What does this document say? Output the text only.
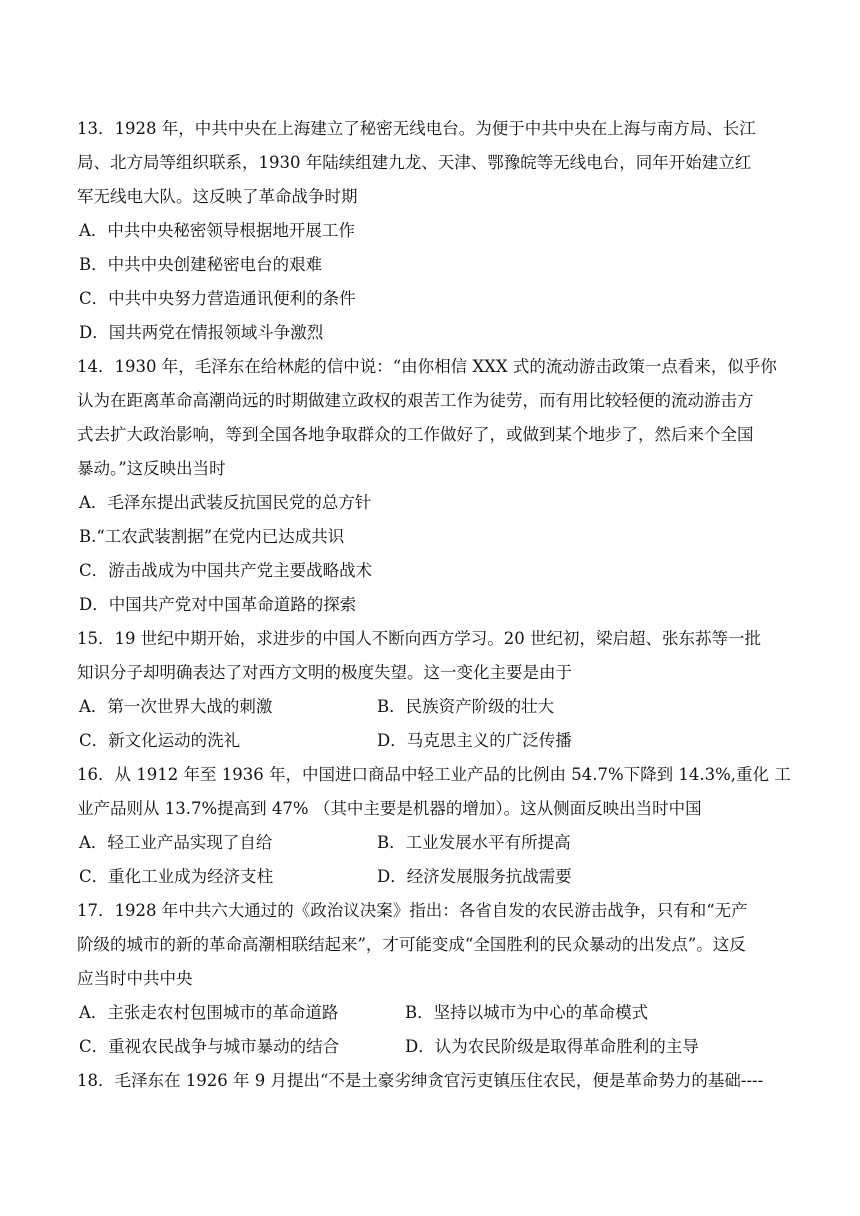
13．1928 年，中共中央在上海建立了秘密无线电台。为便于中共中央在上海与南方局、长江
局、北方局等组织联系，1930 年陆续组建九龙、天津、鄂豫皖等无线电台，同年开始建立红
军无线电大队。这反映了革命战争时期
A．中共中央秘密领导根据地开展工作
B．中共中央创建秘密电台的艰难
C．中共中央努力营造通讯便利的条件
D．国共两党在情报领域斗争激烈
14．1930 年，毛泽东在给林彪的信中说：“由你相信 XXX 式的流动游击政策一点看来，似乎你
认为在距离革命高潮尚远的时期做建立政权的艰苦工作为徒劳，而有用比较轻便的流动游击方
式去扩大政治影响，等到全国各地争取群众的工作做好了，或做到某个地步了，然后来个全国
暴动。”这反映出当时
A．毛泽东提出武装反抗国民党的总方针
B.“工农武装割据”在党内已达成共识
C．游击战成为中国共产党主要战略战术
D．中国共产党对中国革命道路的探索
15．19 世纪中期开始，求进步的中国人不断向西方学习。20 世纪初，梁启超、张东荪等一批
知识分子却明确表达了对西方文明的极度失望。这一变化主要是由于
A．第一次世界大战的刺激	B．民族资产阶级的壮大
C．新文化运动的洗礼	D．马克思主义的广泛传播
16．从 1912 年至 1936 年，中国进口商品中轻工业产品的比例由 54.7%下降到 14.3%,重化 工
业产品则从 13.7%提高到 47% （其中主要是机器的增加）。这从侧面反映出当时中国
A．轻工业产品实现了自给	B．工业发展水平有所提高
C．重化工业成为经济支柱	D．经济发展服务抗战需要
17．1928 年中共六大通过的《政治议决案》指出：各省自发的农民游击战争，只有和“无产
阶级的城市的新的革命高潮相联结起来”，才可能变成“全国胜利的民众暴动的出发点”。这反
应当时中共中央
A．主张走农村包围城市的革命道路	B．坚持以城市为中心的革命模式
C．重视农民战争与城市暴动的结合	D．认为农民阶级是取得革命胜利的主导
18．毛泽东在 1926 年 9 月提出“不是土豪劣绅贪官污吏镇压住农民，便是革命势力的基础----
